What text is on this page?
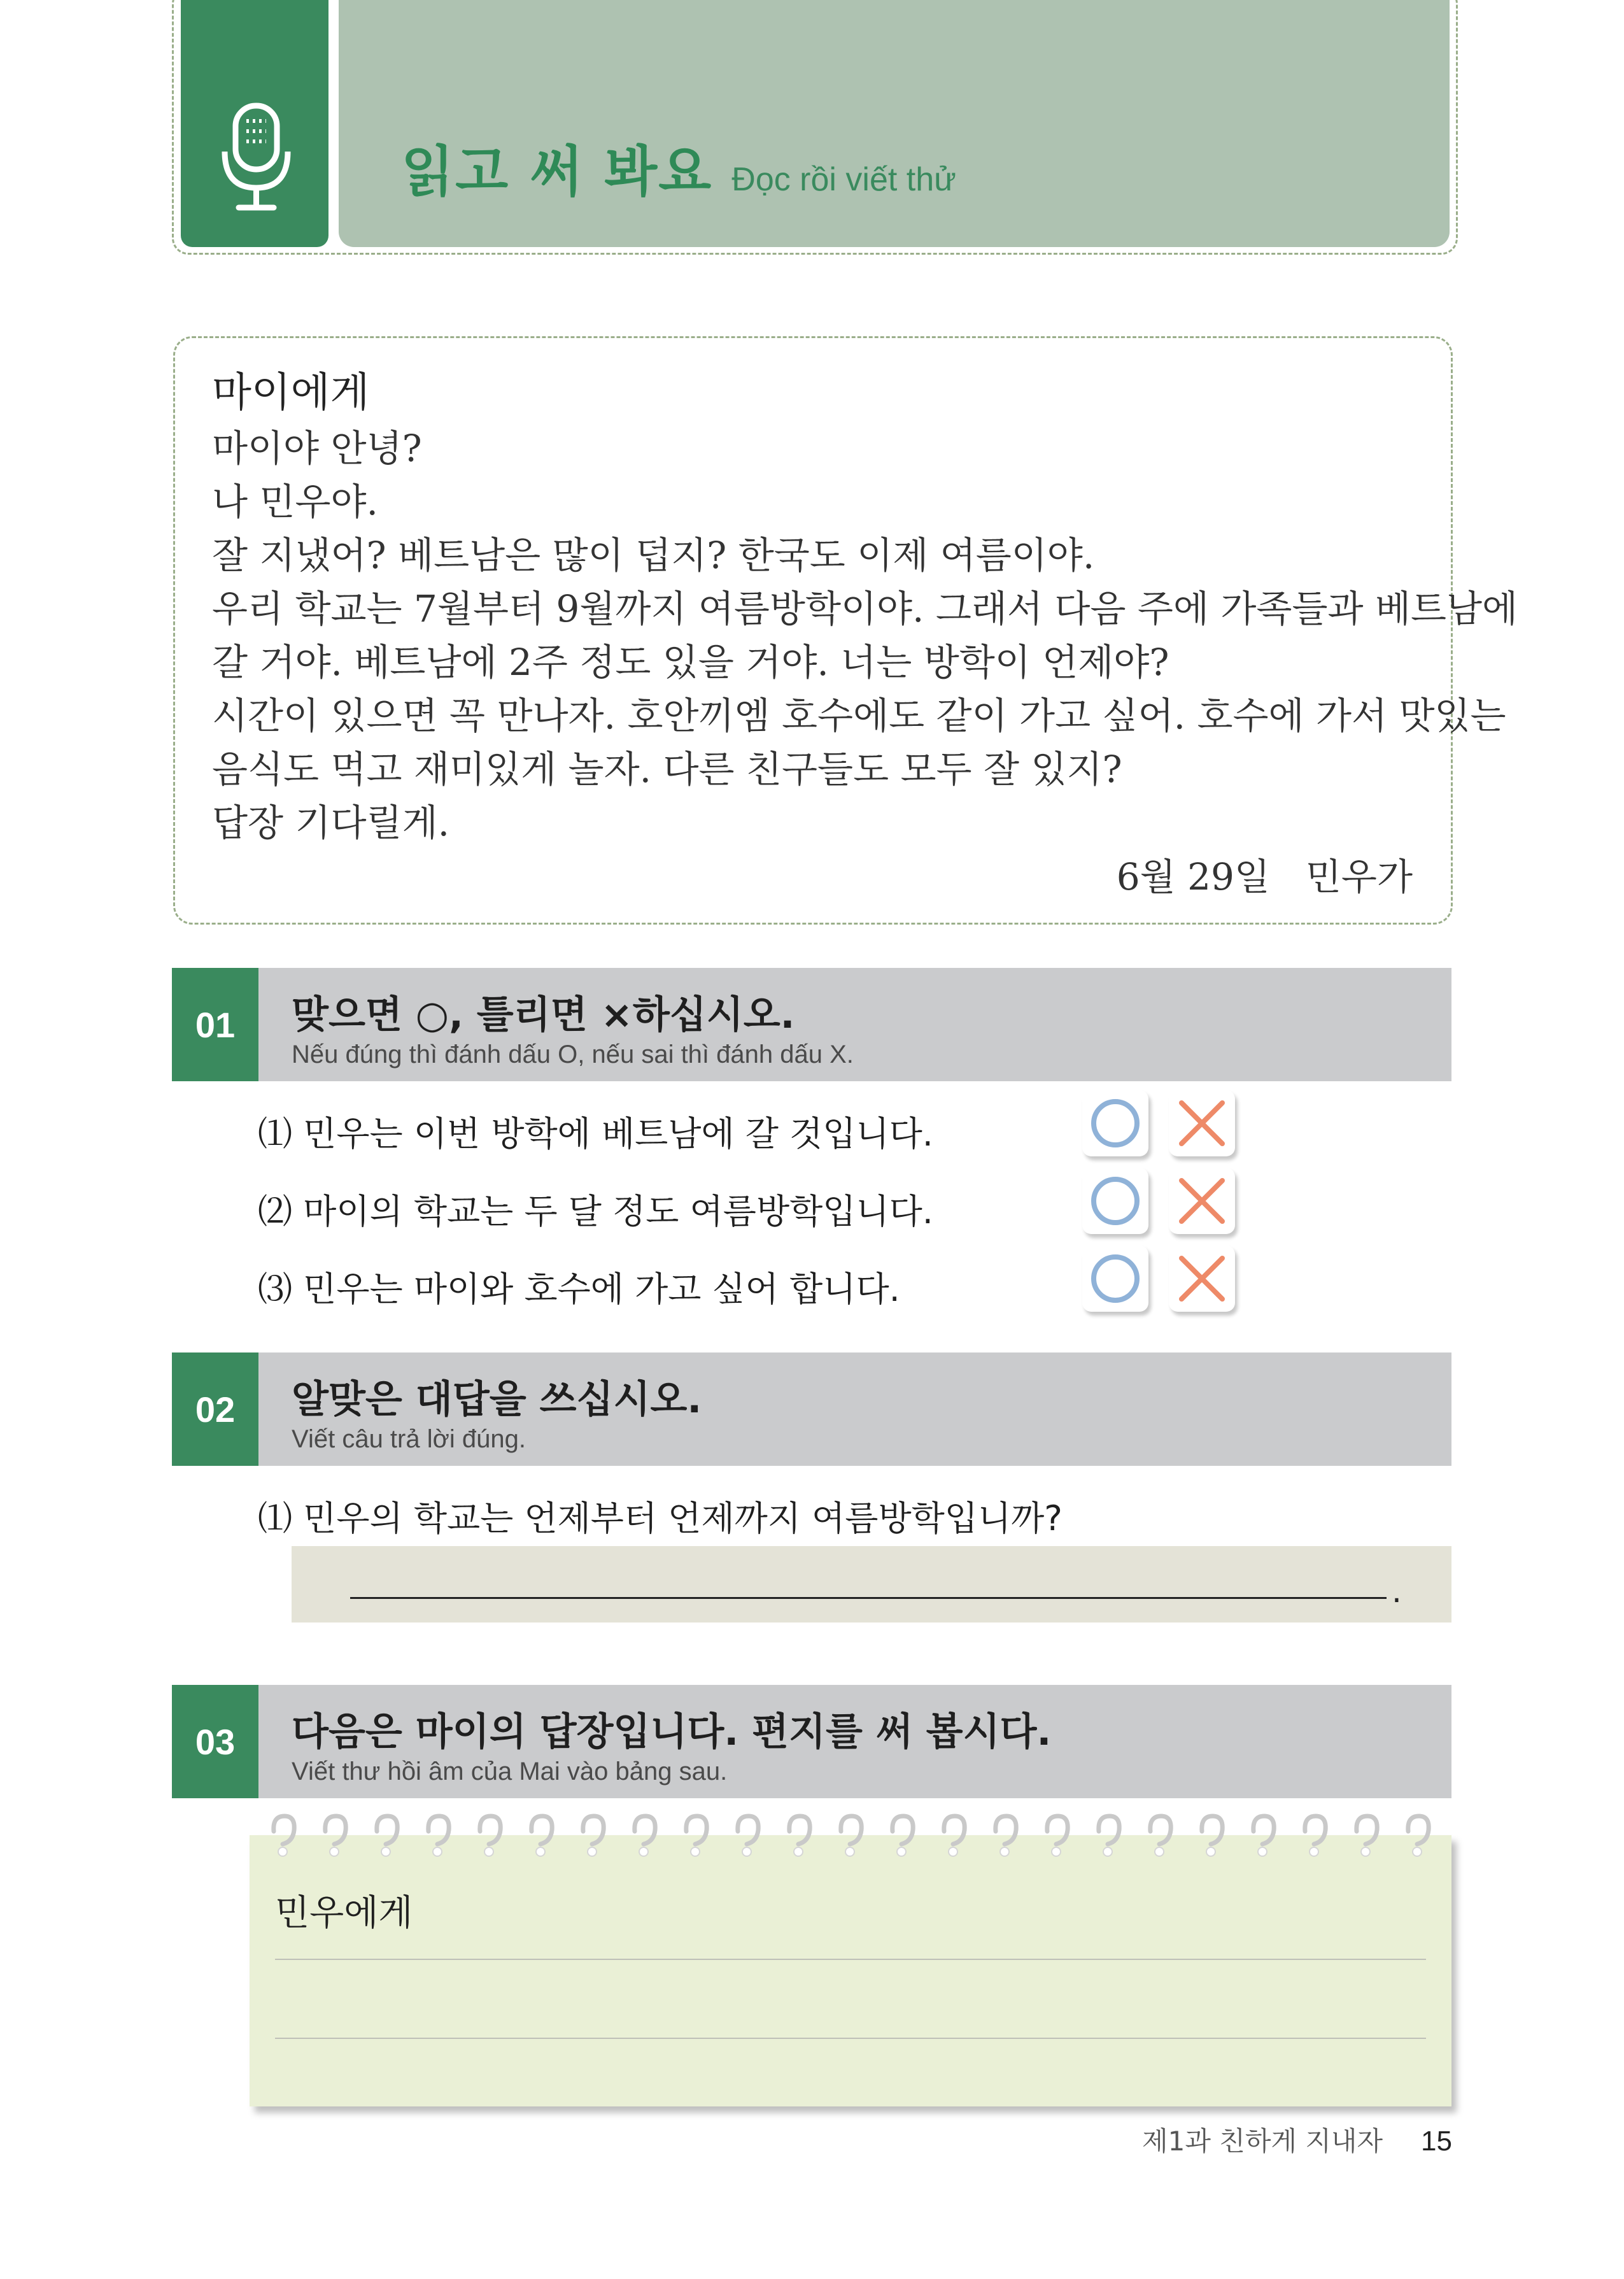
읽고 써 봐요 Đọc rồi viết thử
마이에게
마이야 안녕?
나 민우야.
잘 지냈어? 베트남은 많이 덥지? 한국도 이제 여름이야.
우리 학교는 7월부터 9월까지 여름방학이야. 그래서 다음 주에 가족들과 베트남에
갈 거야. 베트남에 2주 정도 있을 거야. 너는 방학이 언제야?
시간이 있으면 꼭 만나자. 호안끼엠 호수에도 같이 가고 싶어. 호수에 가서 맛있는
음식도 먹고 재미있게 놀자. 다른 친구들도 모두 잘 있지?
답장 기다릴게.
6월 29일 민우가
01	맞으면 ○, 틀리면 ×하십시오.
Nếu đúng thì đánh dấu O, nếu sai thì đánh dấu X.
⑴ 민우는 이번 방학에 베트남에 갈 것입니다.
⑵ 마이의 학교는 두 달 정도 여름방학입니다.
⑶ 민우는 마이와 호수에 가고 싶어 합니다.
02	알맞은 대답을 쓰십시오.
Viết câu trả lời đúng.
⑴ 민우의 학교는 언제부터 언제까지 여름방학입니까?
.
03	다음은 마이의 답장입니다. 편지를 써 봅시다.
Viết thư hồi âm của Mai vào bảng sau.
민우에게
제1과 친하게 지내자 15
